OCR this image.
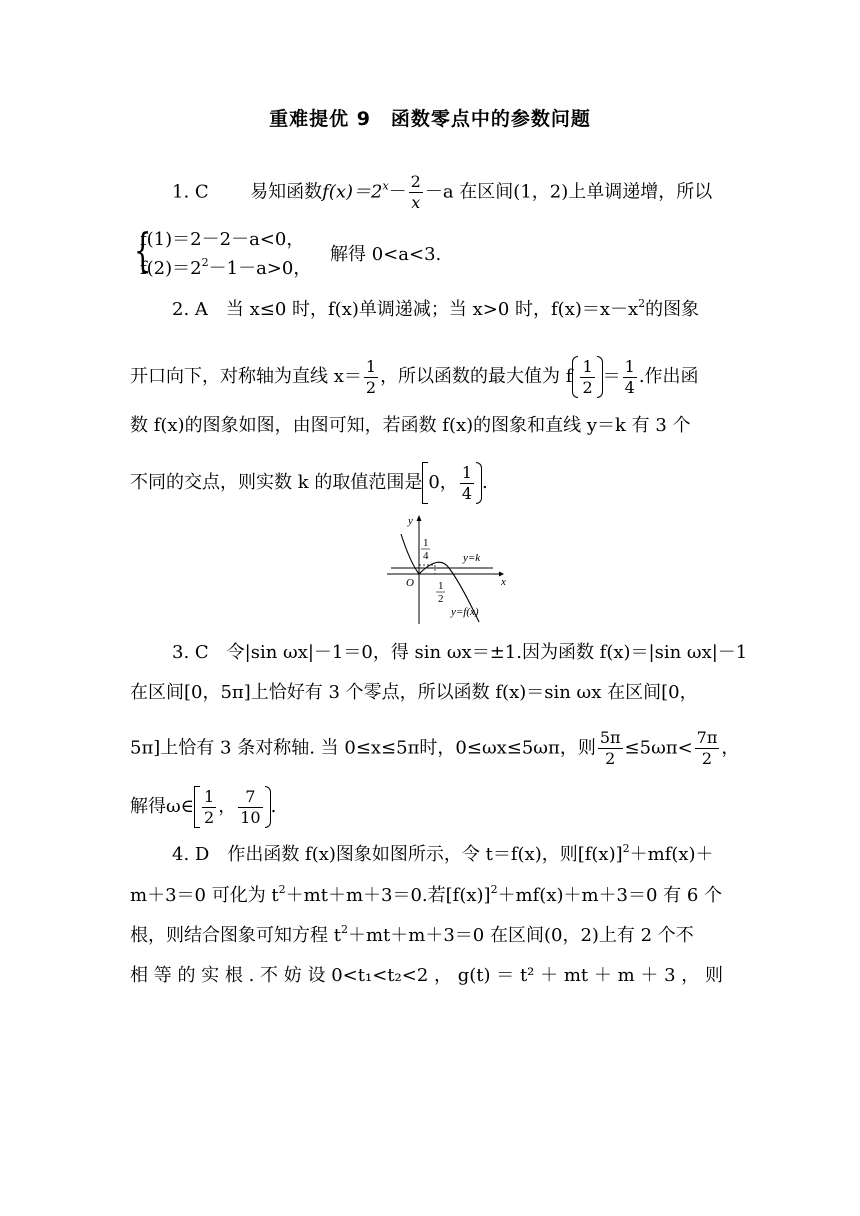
重难提优 9　函数零点中的参数问题
1. C 易知函数$f(x)=2^x- \frac{2}{x} -a$ 在区间(1，2)上单调递增，所以
{
f(1)＝2－2－a<0，
$f(2)=2^2-1-a>0$，
解得 0<a<3.
2. A　当 x≤0 时，f(x)单调递减；当 x>0 时，$f(x)=x-x^2$的图象
开口向下，对称轴为直线 $x= \frac{1}{2}$ ，所以函数的最大值为 f $\frac{1}{2} = \frac{1}{4}$ .作出函
数 f(x)的图象如图，由图可知，若函数 f(x)的图象和直线 y＝k 有 3 个
不同的交点，则实数 k 的取值范围是 0， $\frac{1}{4}$ .
y
x
O
1
4
1
2
y=k
y=f(x)
3. C　令|sin ωx|－1＝0，得 sin ωx＝±1.因为函数 f(x)＝|sin ωx|－1
在区间[0，5π]上恰好有 3 个零点，所以函数 f(x)＝sin ωx 在区间[0，
5π]上恰有 3 条对称轴. 当 0≤x≤5π时，0≤ωx≤5ωπ，则 $\frac{5\pi}{2} \le 5\omega\pi< \frac{7\pi}{2}$ ，
解得ω∈ $\frac{1}{2}$ ， $\frac{7}{10}$ .
4. D　作出函数 f(x)图象如图所示，令 t＝f(x)，则$[f(x)]^2+mf(x)+$
m＋3＝0 可化为 $t^2+mt+m+3=0$.若$[f(x)]^2+mf(x)+m+3=0$ 有 6 个
根，则结合图象可知方程 $t^2+mt+m+3=0$ 在区间(0，2)上有 2 个不
相 等 的 实 根 . 不 妨 设 0<t₁<t₂<2 ， g(t) ＝ t² ＋ mt ＋ m ＋ 3 ， 则
